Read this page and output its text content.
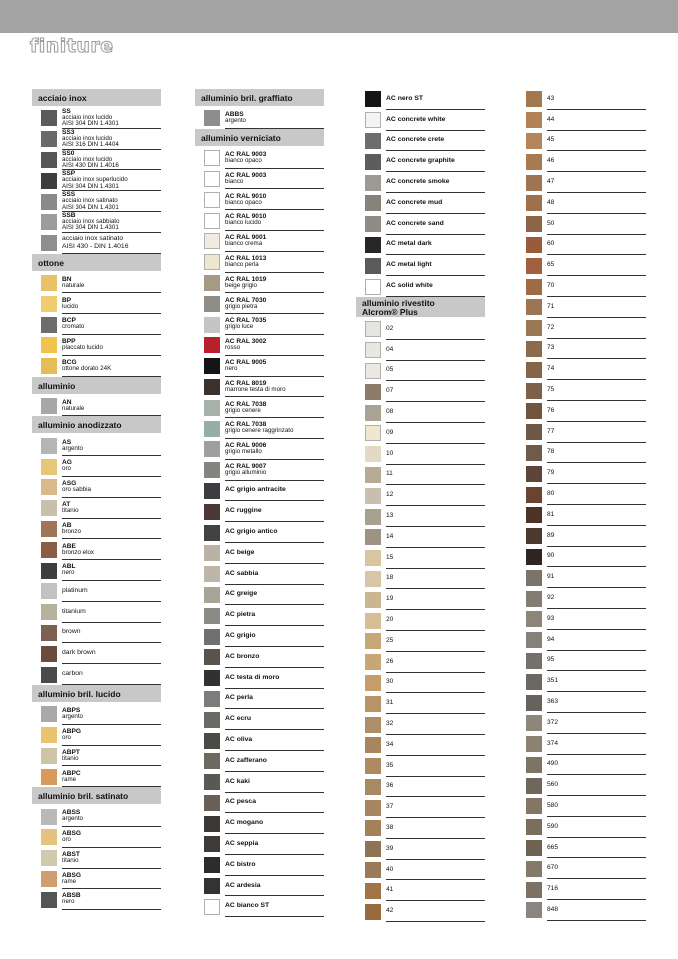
finiture
acciaio inox
SS
acciaio inox lucido
AISI 304 DIN 1.4301
SS3
acciaio inox lucido
AISI 316 DIN 1.4404
SS0
acciaio inox lucido
AISI 430 DIN 1.4016
SSP
acciaio inox superlucido
AISI 304 DIN 1.4301
SSS
acciaio inox satinato
AISI 304 DIN 1.4301
SSB
acciaio inox sabbiato
AISI 304 DIN 1.4301
acciaio inox satinato
AISI 430 - DIN 1.4016
ottone
BN
naturale
BP
lucido
BCP
cromato
BPP
placcato lucido
BCG
ottone dorato 24K
alluminio
AN
naturale
alluminio anodizzato
AS
argento
AG
oro
ASG
oro sabbia
AT
titanio
AB
bronzo
ABE
bronzo elox
ABL
nero
platinum
titanium
brown
dark brown
carbon
alluminio bril. lucido
ABPS
argento
ABPG
oro
ABPT
titanio
ABPC
rame
alluminio bril. satinato
ABSS
argento
ABSG
oro
ABST
titanio
ABSG
rame
ABSB
nero
alluminio bril. graffiato
ABBS
argento
alluminio verniciato
AC RAL 9003
bianco opaco
AC RAL 9003
bianco
AC RAL 9010
bianco opaco
AC RAL 9010
bianco lucido
AC RAL 9001
bianco crema
AC RAL 1013
bianco perla
AC RAL 1019
beige grigio
AC RAL 7030
grigio pietra
AC RAL 7035
grigio luce
AC RAL 3002
rosso
AC RAL 9005
nero
AC RAL 8019
marrone testa di moro
AC RAL 7038
grigio cenere
AC RAL 7038
grigio cenere raggrinzato
AC RAL 9006
grigio metallo
AC RAL 9007
grigio alluminio
AC grigio antracite
AC ruggine
AC grigio antico
AC beige
AC sabbia
AC greige
AC pietra
AC grigio
AC bronzo
AC testa di moro
AC perla
AC ecru
AC oliva
AC zafferano
AC kaki
AC pesca
AC mogano
AC seppia
AC bistro
AC ardesia
AC bianco ST
AC nero ST
AC concrete white
AC concrete crete
AC concrete graphite
AC concrete smoke
AC concrete mud
AC concrete sand
AC metal dark
AC metal light
AC solid white
alluminio rivestito
Alcrom® Plus
02
04
05
07
08
09
10
11
12
13
14
15
18
19
20
25
26
30
31
32
34
35
36
37
38
39
40
41
42
43
44
45
46
47
48
50
60
65
70
71
72
73
74
75
76
77
78
79
80
81
89
90
91
92
93
94
95
351
363
372
374
490
560
580
590
665
670
716
848
